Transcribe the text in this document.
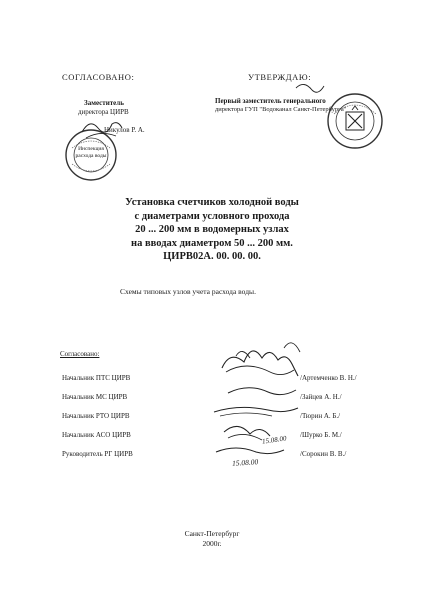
СОГЛАСОВАНО:
Заместитель
директора ЦИРВ
Никулов Р. А.
Инспекция расхода воды
УТВЕРЖДАЮ:
Первый заместитель генерального
директора ГУП "Водоканал Санкт-Петербурга"
Установка счетчиков холодной воды
с диаметрами условного прохода
20 ... 200 мм в водомерных узлах
на вводах диаметром 50 ... 200 мм.
ЦИРВ02А. 00. 00. 00.
Схемы типовых узлов учета расхода воды.
Согласовано:
Начальник ПТС ЦИРВ	/Артемченко В. Н./
Начальник МС ЦИРВ	/Зайцев А. Н./
Начальник РТО ЦИРВ	/Тюрин А. Б./
Начальник АСО ЦИРВ	/Шурко Б. М./
Руководитель РГ ЦИРВ	/Сорокин В. В./
15.08.00
15.08.00
Санкт-Петербург
2000г.
